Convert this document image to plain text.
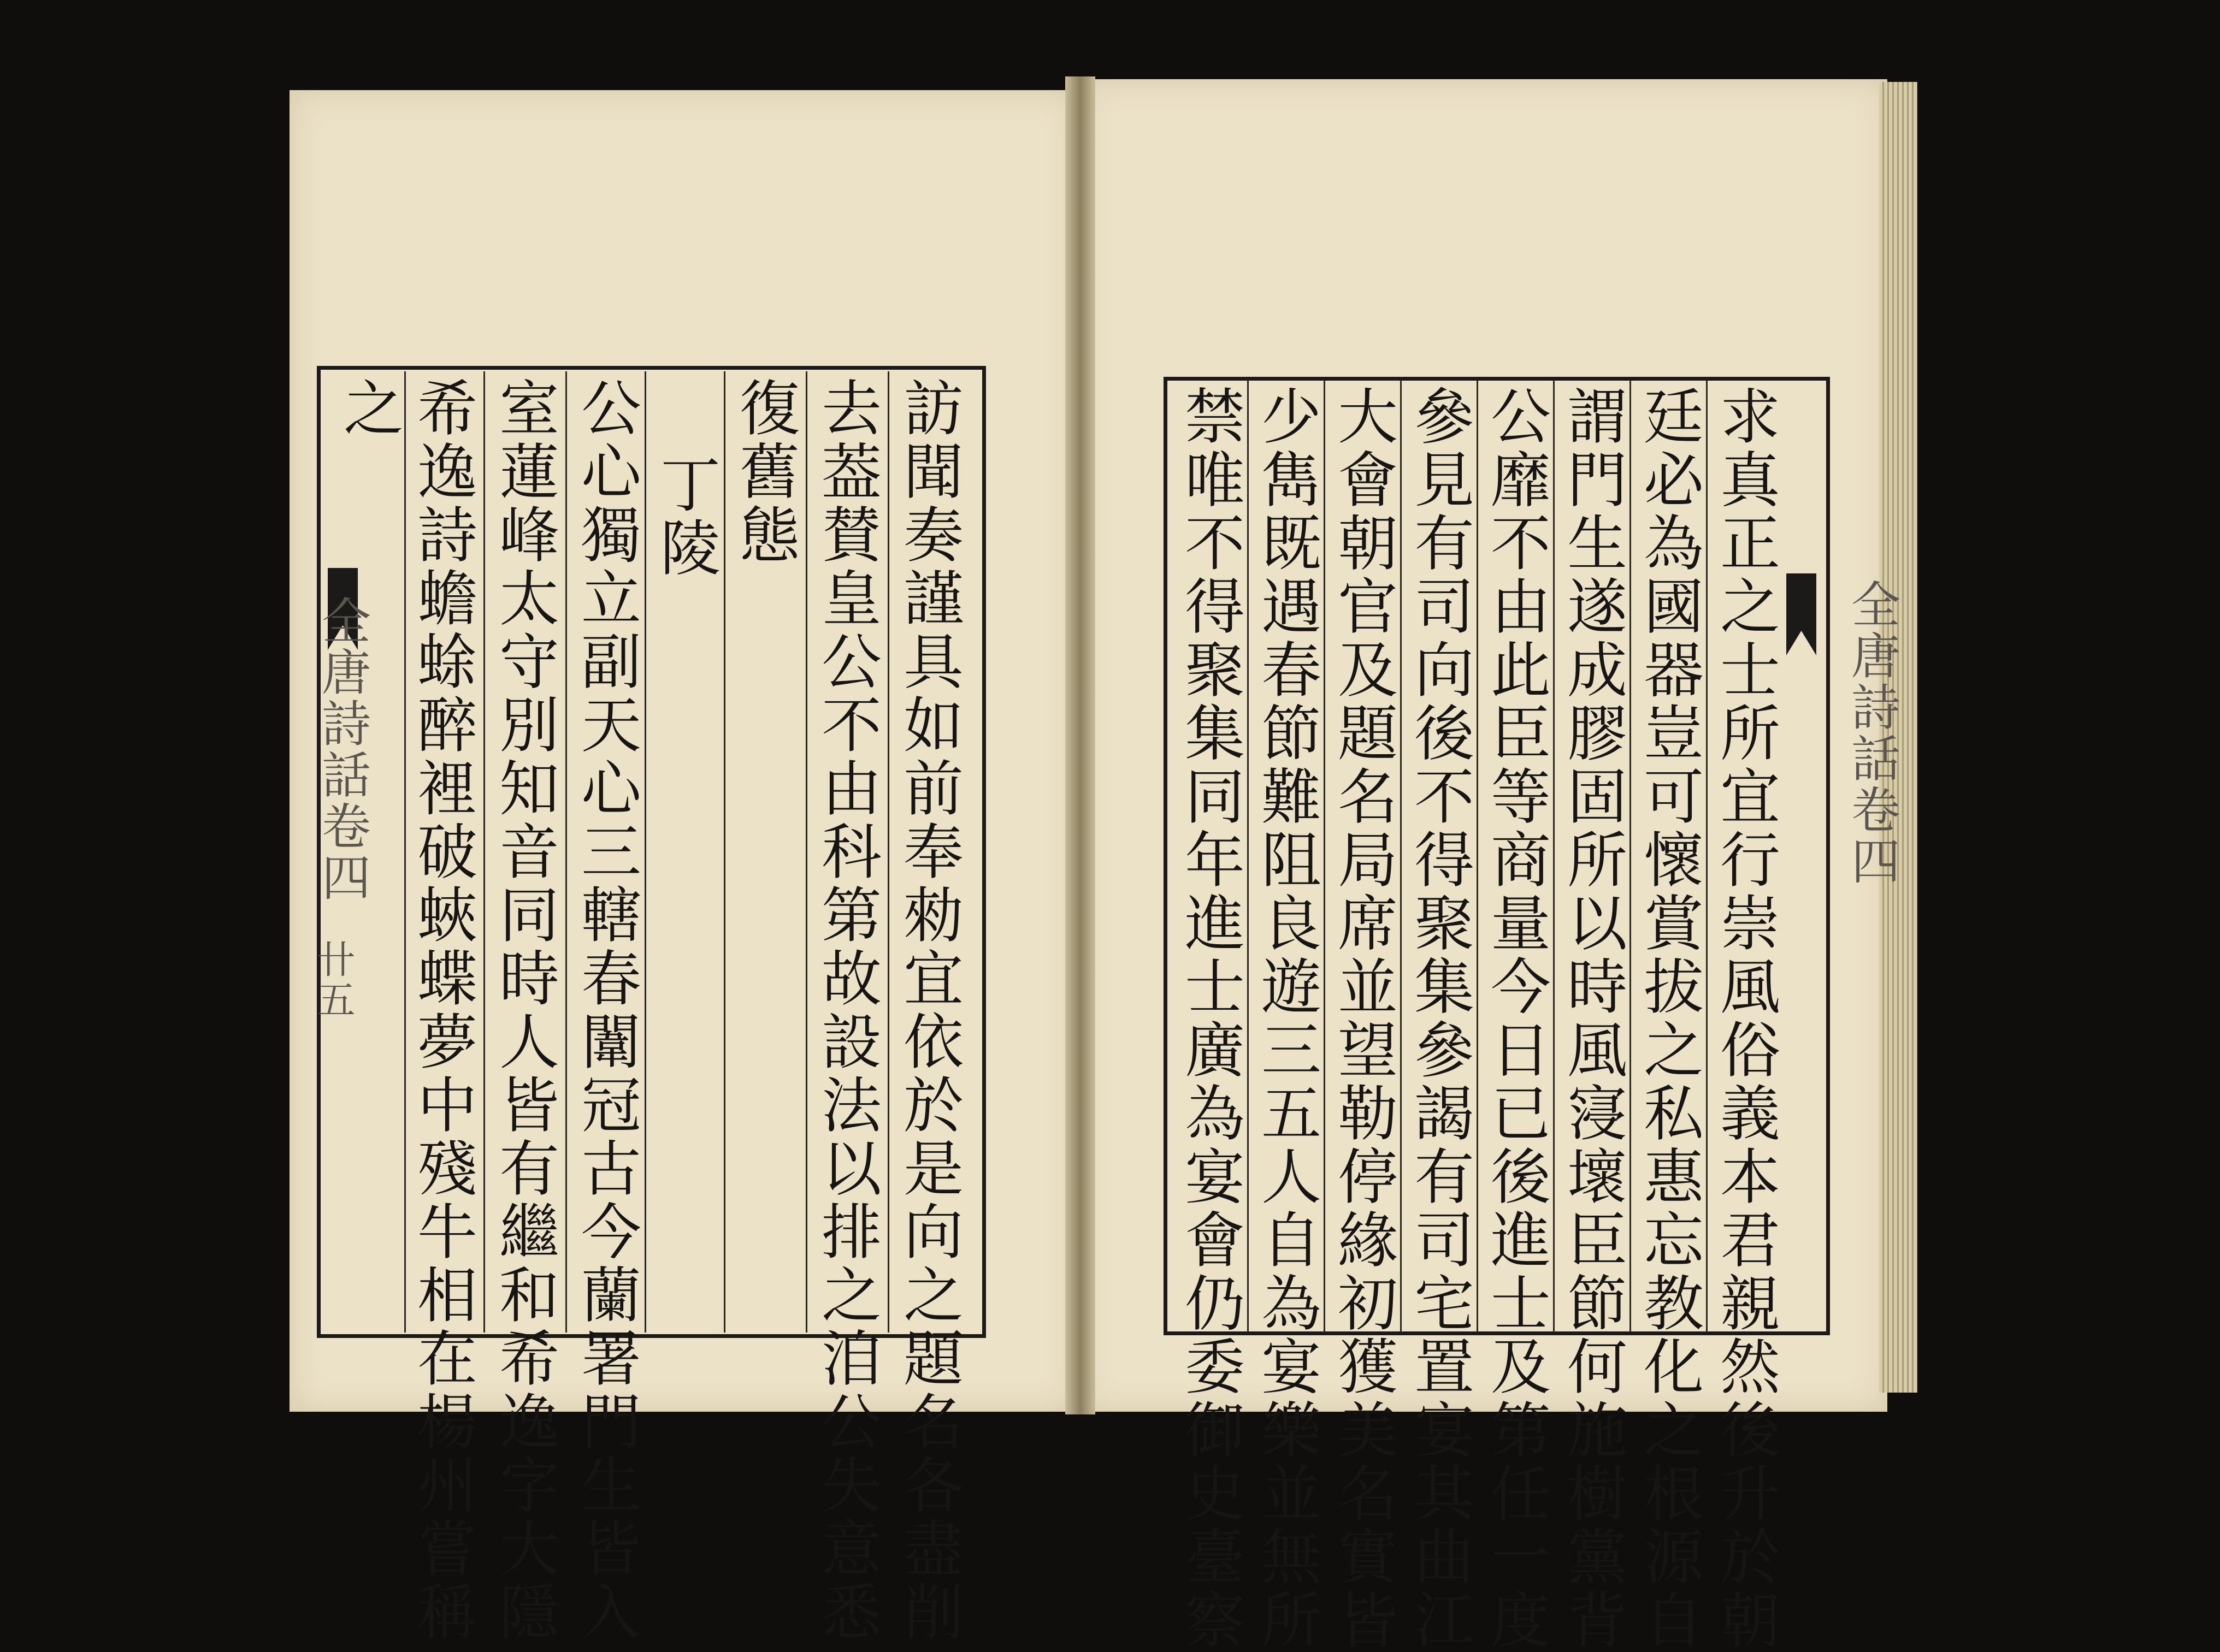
全唐詩話卷四
全唐詩話卷四
卄五	訪聞奏謹具如前奉勑宜依於是向之題名各盡削
去葢賛皇公不由科第故設法以排之洎公失意悉
復舊態
丁陵
公心獨立副天心三轄春闈冠古今蘭署門生皆入
室蓮峰太守別知音同時人皆有繼和希逸字大隱
希逸詩蟾蜍醉裡破蛺蝶夢中殘牛相在楊州嘗稱
之	求真正之士所宜行崇風俗義本君親然後升於朝
廷必為國器豈可懷賞拔之私惠忘教化之根源自
謂門生遂成膠固所以時風寖壞臣節何施樹黨背
公靡不由此臣等商量今日已後進士及第任一度
參見有司向後不得聚集參謁有司宅置宴其曲江
大會朝官及題名局席並望勒停緣初獲美名實皆
少雋既遇春節難阻良遊三五人自為宴樂並無所
禁唯不得聚集同年進士廣為宴會仍委御史臺察
